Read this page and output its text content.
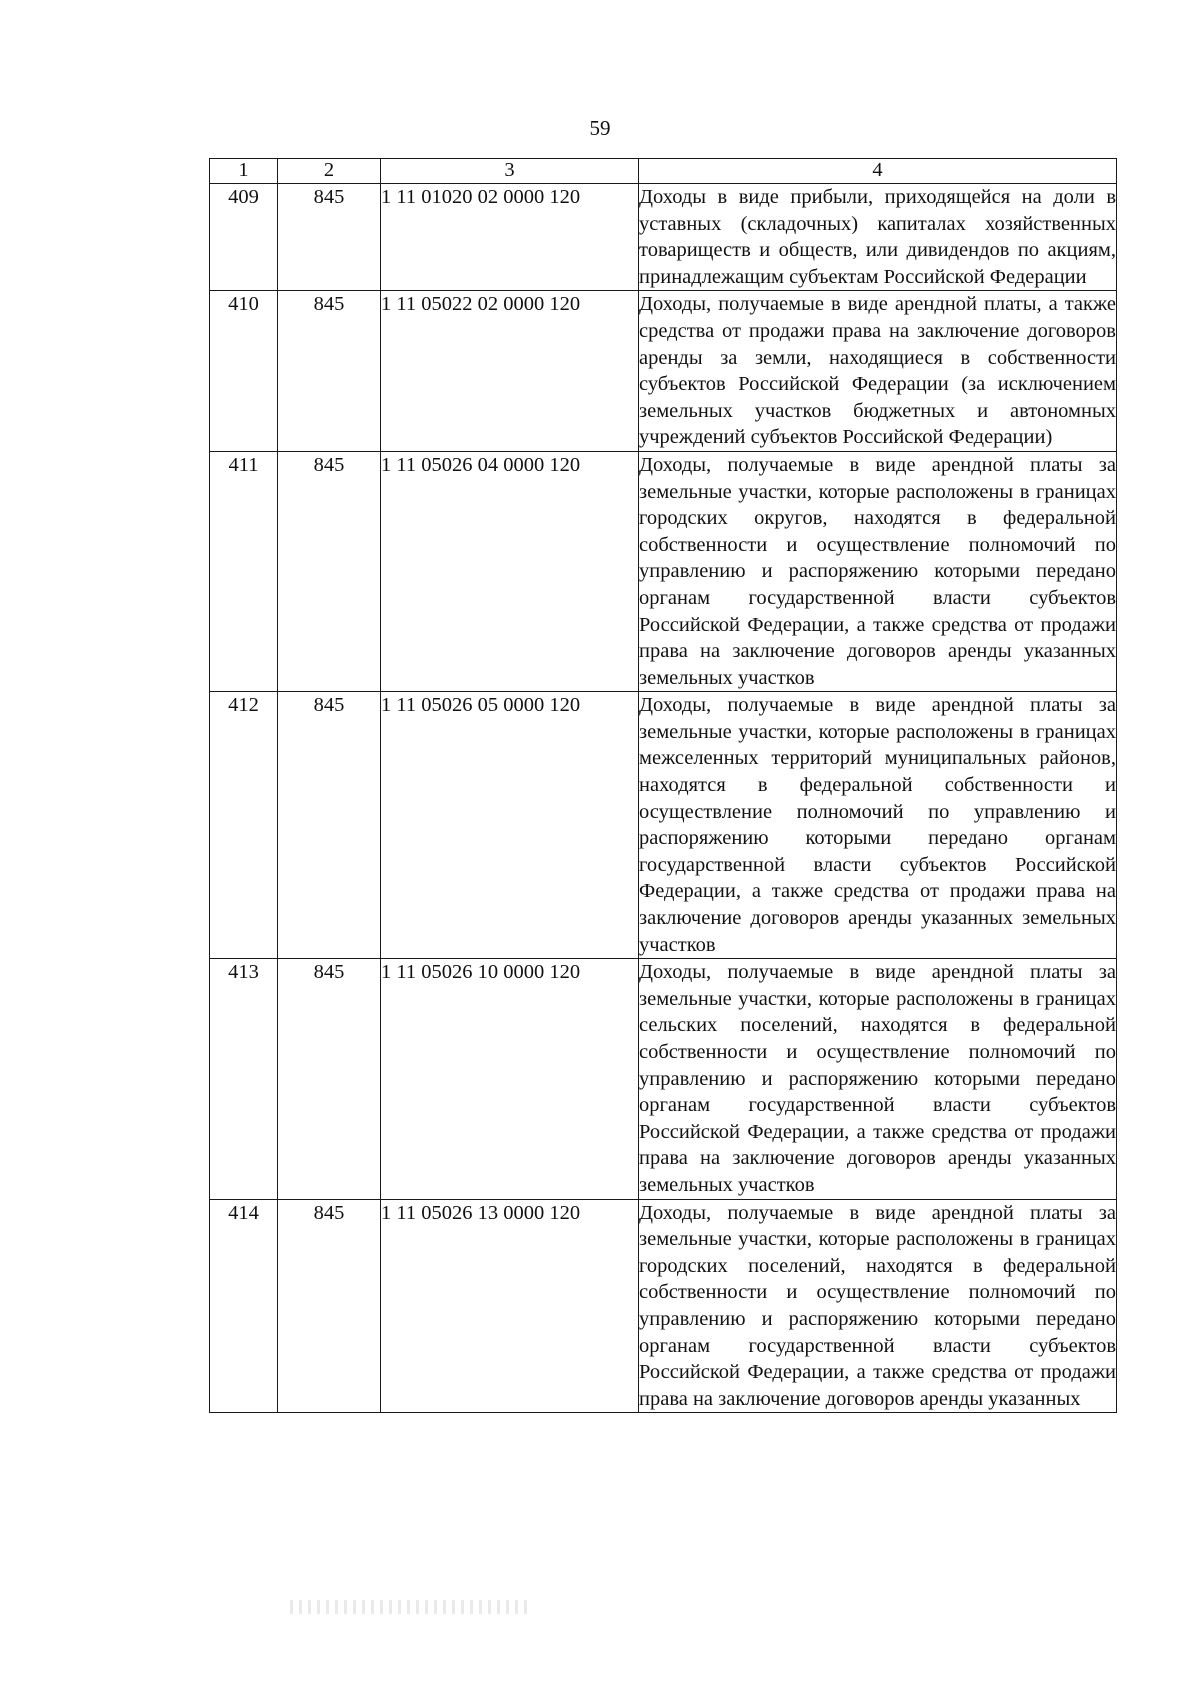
59
1	2	3	4
409	845	1 11 01020 02 0000 120	Доходы в виде прибыли, приходящейся на доли в уставных (складочных) капиталах хозяйственных товариществ и обществ, или дивидендов по акциям, принадлежащим субъектам Российской Федерации
410	845	1 11 05022 02 0000 120	Доходы, получаемые в виде арендной платы, а также средства от продажи права на заключение договоров аренды за земли, находящиеся в собственности субъектов Российской Федерации (за исключением земельных участков бюджетных и автономных учреждений субъектов Российской Федерации)
411	845	1 11 05026 04 0000 120	Доходы, получаемые в виде арендной платы за земельные участки, которые расположены в границах городских округов, находятся в федеральной собственности и осуществление полномочий по управлению и распоряжению которыми передано органам государственной власти субъектов Российской Федерации, а также средства от продажи права на заключение договоров аренды указанных земельных участков
412	845	1 11 05026 05 0000 120	Доходы, получаемые в виде арендной платы за земельные участки, которые расположены в границах межселенных территорий муниципальных районов, находятся в федеральной собственности и осуществление полномочий по управлению и распоряжению которыми передано органам государственной власти субъектов Российской Федерации, а также средства от продажи права на заключение договоров аренды указанных земельных участков
413	845	1 11 05026 10 0000 120	Доходы, получаемые в виде арендной платы за земельные участки, которые расположены в границах сельских поселений, находятся в федеральной собственности и осуществление полномочий по управлению и распоряжению которыми передано органам государственной власти субъектов Российской Федерации, а также средства от продажи права на заключение договоров аренды указанных земельных участков
414	845	1 11 05026 13 0000 120	Доходы, получаемые в виде арендной платы за земельные участки, которые расположены в границах городских поселений, находятся в федеральной собственности и осуществление полномочий по управлению и распоряжению которыми передано органам государственной власти субъектов Российской Федерации, а также средства от продажи права на заключение договоров аренды указанных
